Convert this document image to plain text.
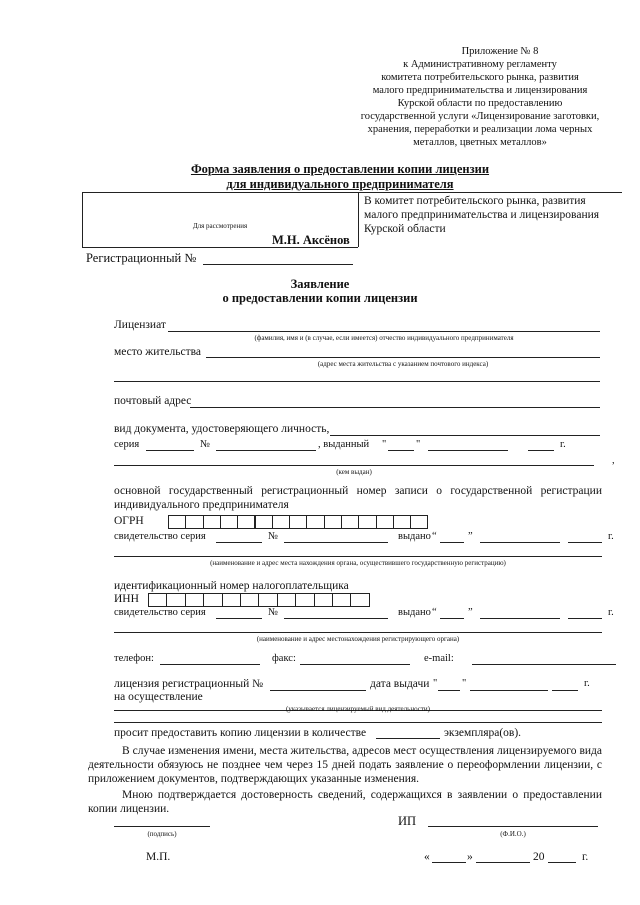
Приложение № 8
к Административному регламенту
комитета потребительского рынка, развития
малого предпринимательства и лицензирования
Курской области по предоставлению
государственной услуги «Лицензирование заготовки,
хранения, переработки и реализации лома черных
металлов, цветных металлов»
Форма заявления о предоставлении копии лицензии
для индивидуального предпринимателя
Для рассмотрения
М.Н. Аксёнов
В комитет потребительского рынка, развития
малого предпринимательства и лицензирования
Курской области
Регистрационный №
Заявление
о предоставлении копии лицензии
Лицензиат
(фамилия, имя и (в случае, если имеется) отчество индивидуального предпринимателя
место жительства
(адрес места жительства с указанием почтового индекса)
почтовый адрес
вид документа, удостоверяющего личность,
серия	№	, выданный "	"	г.
,
(кем выдан)
основной государственный регистрационный номер записи о государственной регистрации индивидуального предпринимателя
ОГРН
свидетельство серия	№	выдано “	”	г.
(наименование и адрес места нахождения органа, осуществившего государственную регистрацию)
идентификационный номер налогоплательщика
ИНН
свидетельство серия	№	выдано “	”	г.
(наименование и адрес местонахождения регистрирующего органа)
телефон:	факс:	e-mail:
лицензия регистрационный №	дата выдачи " "	г.
на осуществление
(указывается лицензируемый вид деятельности)
просит предоставить копию лицензии в количестве	экземпляра(ов).
В случае изменения имени, места жительства, адресов мест осуществления лицензируемого вида деятельности обязуюсь не позднее чем через 15 дней подать заявление о переоформлении лицензии, с приложением документов, подтверждающих указанные изменения.
Мною подтверждается достоверность сведений, содержащихся в заявлении о предоставлении копии лицензии.
(подпись)
ИП
(Ф.И.О.)
М.П.	«	»	20	г.
